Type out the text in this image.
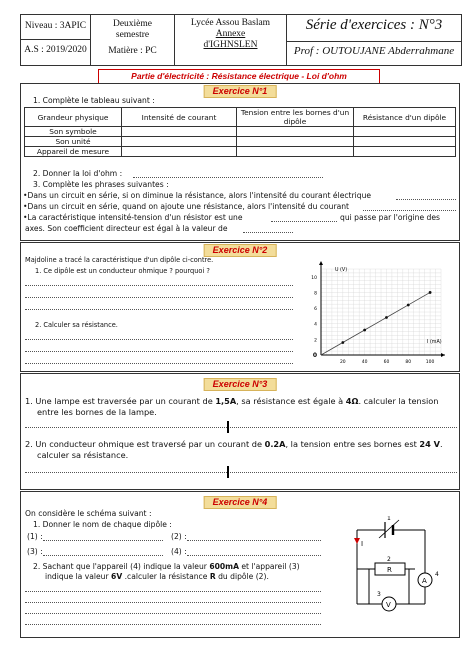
Niveau : 3APIC
A.S : 2019/2020
Deuxième semestre
Matière : PC
Lycée Assou Baslam
Annexe
d'IGHNSLEN
Série d'exercices : N°3
Prof : OUTOUJANE Abderrahmane
Partie d'électricité : Résistance électrique - Loi d'ohm
Exercice N°1
1. Complète le tableau suivant :
Grandeur physique	Intensité de courant	Tension entre les bornes d'un dipôle	Résistance d'un dipôle
Son symbole			
Son unité			
Appareil de mesure			
2. Donner la loi d'ohm :
3. Complète les phrases suivantes :
•Dans un circuit en série, si on diminue la résistance, alors l'intensité du courant électrique
•Dans un circuit en série, quand on ajoute une résistance, alors l'intensité du courant
•La caractéristique intensité-tension d'un résistor est une	qui passe par l'origine des
axes. Son coefficient directeur est égal à la valeur de
Exercice N°2
Majdoline a tracé la caractéristique d'un dipôle ci-contre.
1. Ce dipôle est un conducteur ohmique ? pourquoi ?
2. Calculer sa résistance.
20	40	60	80	100
0
2
4
6
8
10
U (V)
I (mA)
Exercice N°3
1. Une lampe est traversée par un courant de 1,5A, sa résistance est égale à 4Ω. calculer la tension
entre les bornes de la lampe.
2. Un conducteur ohmique est traversé par un courant de 0.2A, la tension entre ses bornes est 24 V.
calculer sa résistance.
Exercice N°4
On considère le schéma suivant :
1. Donner le nom de chaque dipôle :
(1) :	(2) :
(3) :	(4) :
2. Sachant que l'appareil (4) indique la valeur 600mA et l'appareil (3)
indique la valeur 6V .calculer la résistance R du dipôle (2).
I
1
R
2
A
4
V
3
